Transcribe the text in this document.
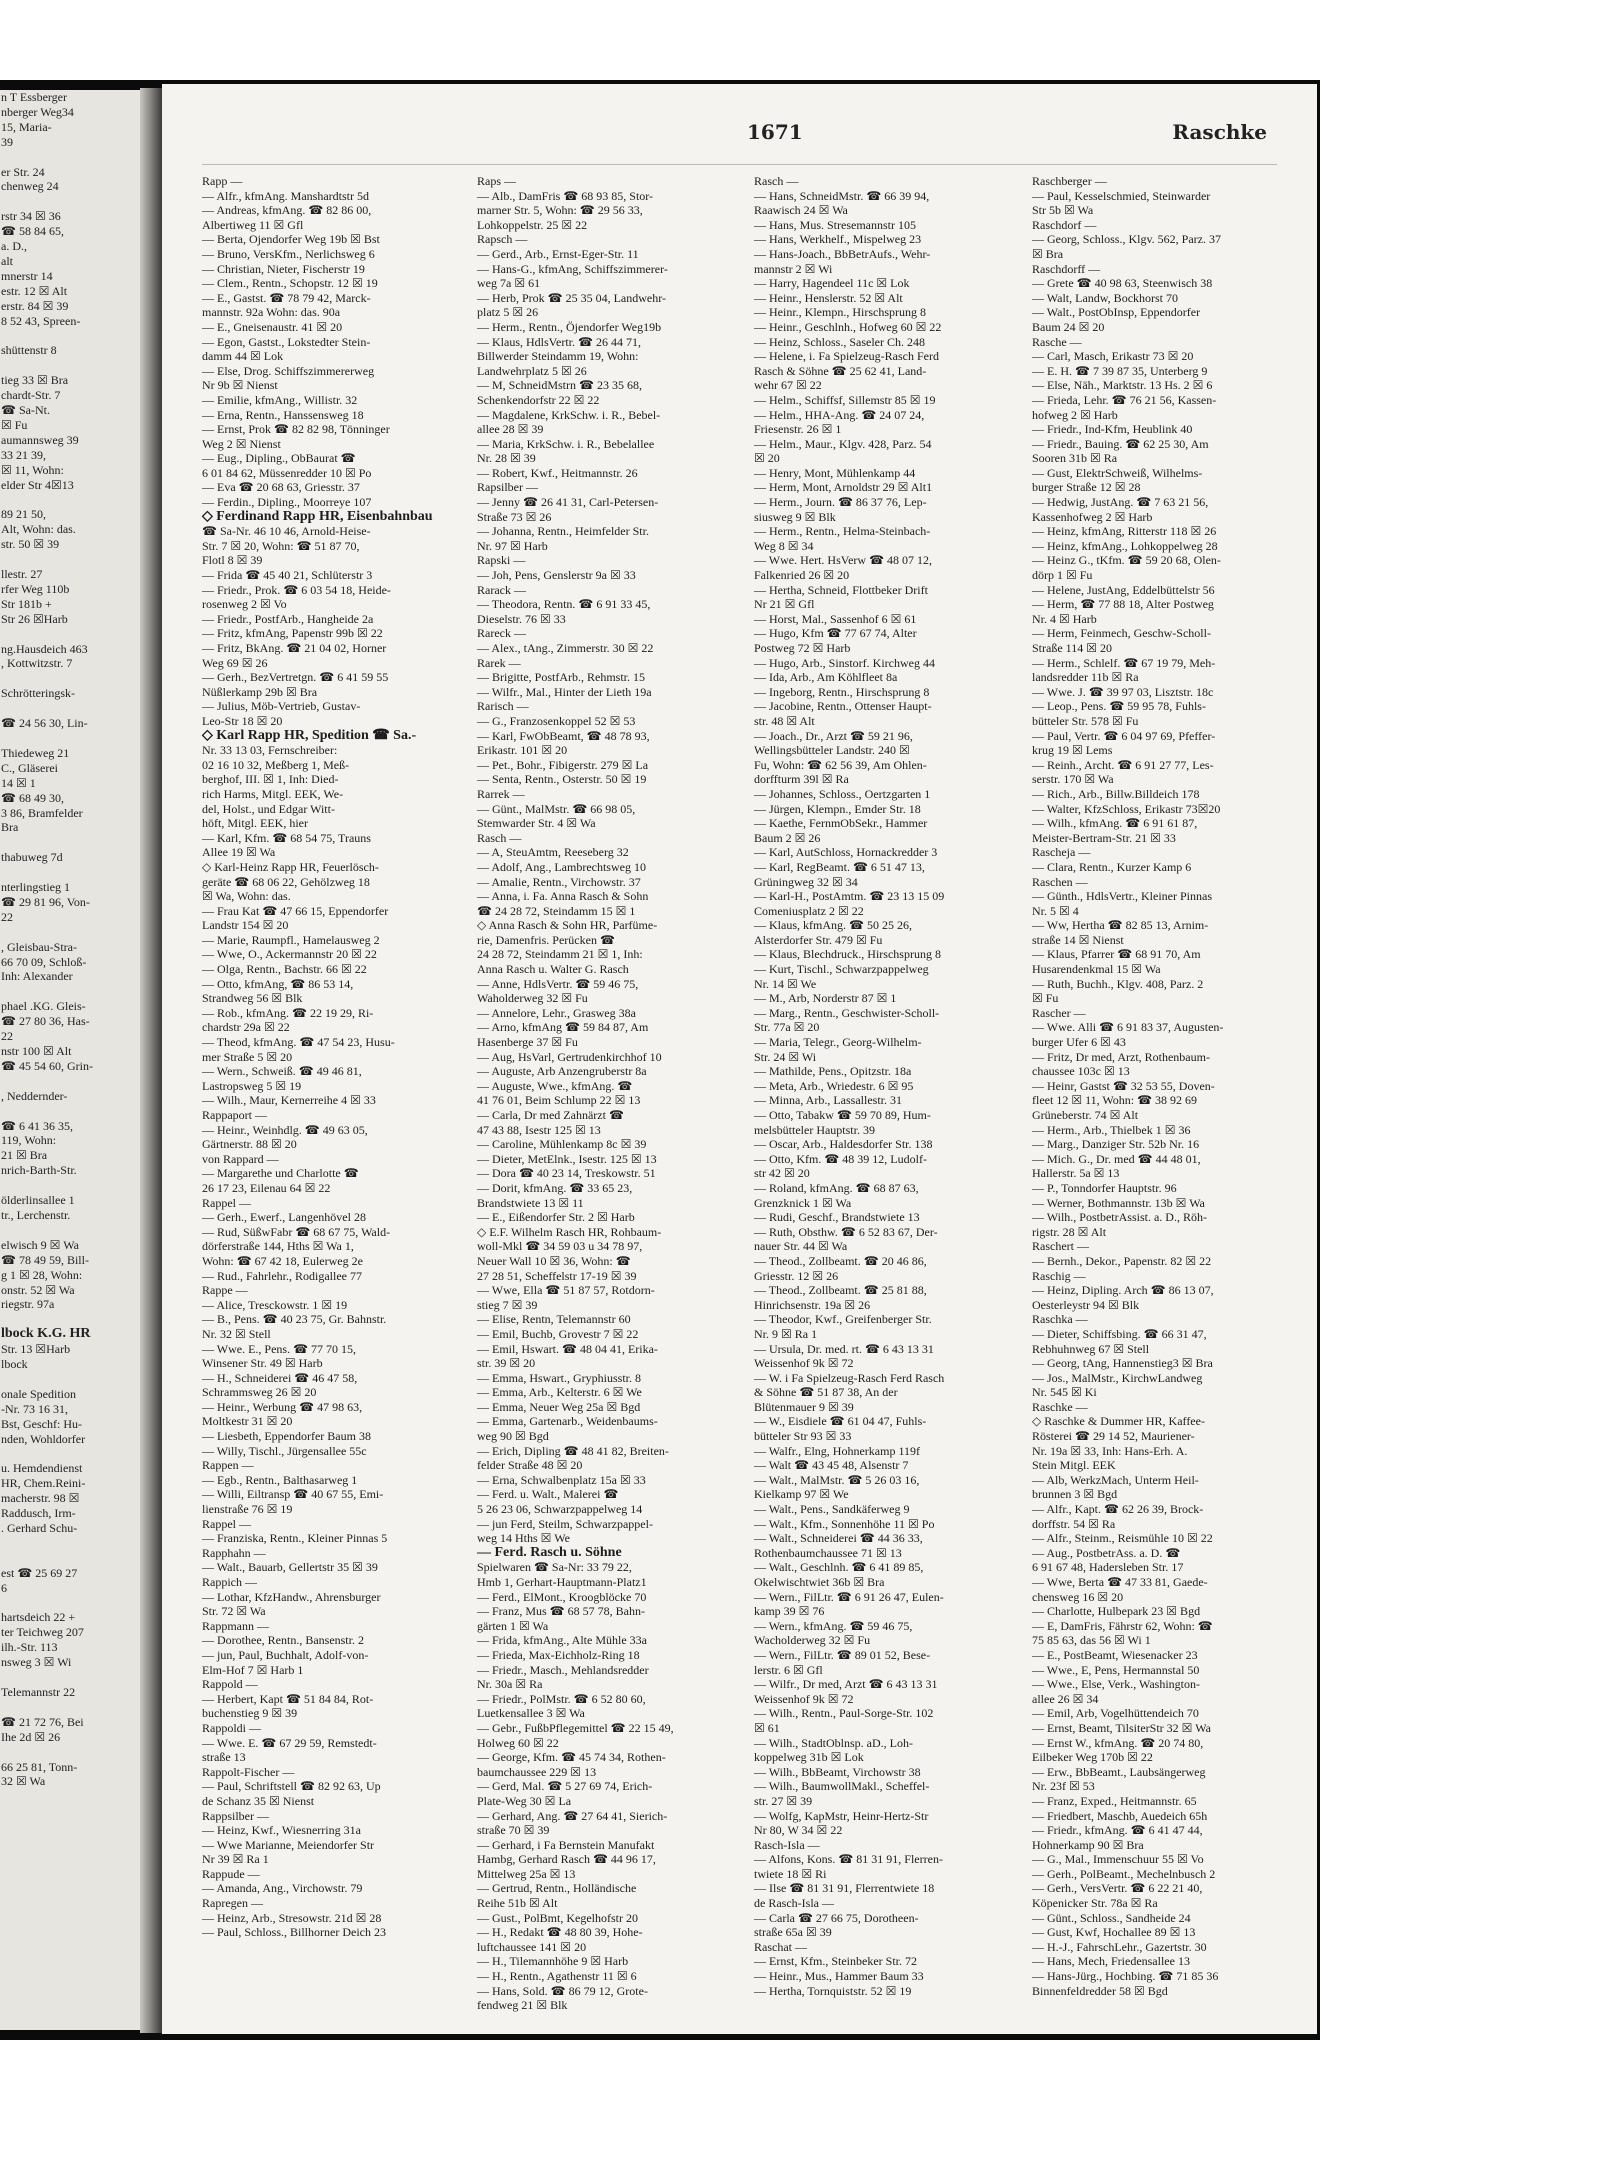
n T Essberger
nberger Weg34
15, Maria-
39

er Str. 24
chenweg 24

rstr 34 ☒ 36
☎ 58 84 65,
a. D.,
alt
mnerstr 14
estr. 12 ☒ Alt
erstr. 84 ☒ 39
8 52 43, Spreen-

shüttenstr 8

tieg 33 ☒ Bra
chardt-Str. 7
☎ Sa-Nt.
☒ Fu
aumannsweg 39
33 21 39,
☒ 11, Wohn:
elder Str 4☒13

89 21 50,
Alt, Wohn: das.
str. 50 ☒ 39

llestr. 27
rfer Weg 110b
Str 181b +
Str 26 ☒Harb

ng.Hausdeich 463
, Kottwitzstr. 7

Schrötteringsk-

☎ 24 56 30, Lin-

Thiedeweg 21
C., Gläserei
14 ☒ 1
☎ 68 49 30,
3 86, Bramfelder
Bra

thabuweg 7d

nterlingstieg 1
☎ 29 81 96, Von-
22

, Gleisbau-Stra-
66 70 09, Schloß-
Inh: Alexander

phael .KG. Gleis-
☎ 27 80 36, Has-
22
nstr 100 ☒ Alt
☎ 45 54 60, Grin-

, Neddernder-

☎ 6 41 36 35,
119, Wohn:
21 ☒ Bra
nrich-Barth-Str.

ölderlinsallee 1
tr., Lerchenstr.

elwisch 9 ☒ Wa
☎ 78 49 59, Bill-
g 1 ☒ 28, Wohn:
onstr. 52 ☒ Wa
riegstr. 97a

lbock K.G. HR
Str. 13 ☒Harb
lbock

onale Spedition
-Nr. 73 16 31,
Bst, Geschf: Hu-
nden, Wohldorfer

u. Hemdendienst
HR, Chem.Reini-
macherstr. 98 ☒
Raddusch, Irm-
. Gerhard Schu-

est ☎ 25 69 27
6

hartsdeich 22 +
ter Teichweg 207
ilh.-Str. 113
nsweg 3 ☒ Wi

Telemannstr 22

☎ 21 72 76, Bei
Ihe 2d ☒ 26

66 25 81, Tonn-
32 ☒ Wa
1671	Raschke
Rapp —
— Alfr., kfmAng. Manshardtstr 5d
— Andreas, kfmAng. ☎ 82 86 00,
Albertiweg 11 ☒ Gfl
— Berta, Ojendorfer Weg 19b ☒ Bst
— Bruno, VersKfm., Nerlichsweg 6
— Christian, Nieter, Fischerstr 19
— Clem., Rentn., Schopstr. 12 ☒ 19
— E., Gastst. ☎ 78 79 42, Marck-
mannstr. 92a Wohn: das. 90a
— E., Gneisenaustr. 41 ☒ 20
— Egon, Gastst., Lokstedter Stein-
damm 44 ☒ Lok
— Else, Drog. Schiffszimmererweg
Nr 9b ☒ Nienst
— Emilie, kfmAng., Willistr. 32
— Erna, Rentn., Hanssensweg 18
— Ernst, Prok ☎ 82 82 98, Tönninger
Weg 2 ☒ Nienst
— Eug., Dipling., ObBaurat ☎
6 01 84 62, Müssenredder 10 ☒ Po
— Eva ☎ 20 68 63, Griesstr. 37
— Ferdin., Dipling., Moorreye 107
◇ Ferdinand Rapp HR, Eisenbahnbau
☎ Sa-Nr. 46 10 46, Arnold-Heise-
Str. 7 ☒ 20, Wohn: ☎ 51 87 70,
Flotl 8 ☒ 39
— Frida ☎ 45 40 21, Schlüterstr 3
— Friedr., Prok. ☎ 6 03 54 18, Heide-
rosenweg 2 ☒ Vo
— Friedr., PostfArb., Hangheide 2a
— Fritz, kfmAng, Papenstr 99b ☒ 22
— Fritz, BkAng. ☎ 21 04 02, Horner
Weg 69 ☒ 26
— Gerh., BezVertretgn. ☎ 6 41 59 55
Nüßlerkamp 29b ☒ Bra
— Julius, Möb-Vertrieb, Gustav-
Leo-Str 18 ☒ 20
◇ Karl Rapp HR, Spedition ☎ Sa.-
Nr. 33 13 03, Fernschreiber:
02 16 10 32, Meßberg 1, Meß-
berghof, III. ☒ 1, Inh: Died-
rich Harms, Mitgl. EEK, We-
del, Holst., und Edgar Witt-
höft, Mitgl. EEK, hier
— Karl, Kfm. ☎ 68 54 75, Trauns
Allee 19 ☒ Wa
◇ Karl-Heinz Rapp HR, Feuerlösch-
geräte ☎ 68 06 22, Gehölzweg 18
☒ Wa, Wohn: das.
— Frau Kat ☎ 47 66 15, Eppendorfer
Landstr 154 ☒ 20
— Marie, Raumpfl., Hamelausweg 2
— Wwe, O., Ackermannstr 20 ☒ 22
— Olga, Rentn., Bachstr. 66 ☒ 22
— Otto, kfmAng, ☎ 86 53 14,
Strandweg 56 ☒ Blk
— Rob., kfmAng. ☎ 22 19 29, Ri-
chardstr 29a ☒ 22
— Theod, kfmAng. ☎ 47 54 23, Husu-
mer Straße 5 ☒ 20
— Wern., Schweiß. ☎ 49 46 81,
Lastropsweg 5 ☒ 19
— Wilh., Maur, Kernerreihe 4 ☒ 33
Rappaport —
— Heinr., Weinhdlg. ☎ 49 63 05,
Gärtnerstr. 88 ☒ 20
von Rappard —
— Margarethe und Charlotte ☎
26 17 23, Eilenau 64 ☒ 22
Rappel —
— Gerh., Ewerf., Langenhövel 28
— Rud, SüßwFabr ☎ 68 67 75, Wald-
dörferstraße 144, Hths ☒ Wa 1,
Wohn: ☎ 67 42 18, Eulerweg 2e
— Rud., Fahrlehr., Rodigallee 77
Rappe —
— Alice, Tresckowstr. 1 ☒ 19
— B., Pens. ☎ 40 23 75, Gr. Bahnstr.
Nr. 32 ☒ Stell
— Wwe. E., Pens. ☎ 77 70 15,
Winsener Str. 49 ☒ Harb
— H., Schneiderei ☎ 46 47 58,
Schrammsweg 26 ☒ 20
— Heinr., Werbung ☎ 47 98 63,
Moltkestr 31 ☒ 20
— Liesbeth, Eppendorfer Baum 38
— Willy, Tischl., Jürgensallee 55c
Rappen —
— Egb., Rentn., Balthasarweg 1
— Willi, Eiltransp ☎ 40 67 55, Emi-
lienstraße 76 ☒ 19
Rappel —
— Franziska, Rentn., Kleiner Pinnas 5
Rapphahn —
— Walt., Bauarb, Gellertstr 35 ☒ 39
Rappich —
— Lothar, KfzHandw., Ahrensburger
Str. 72 ☒ Wa
Rappmann —
— Dorothee, Rentn., Bansenstr. 2
— jun, Paul, Buchhalt, Adolf-von-
Elm-Hof 7 ☒ Harb 1
Rappold —
— Herbert, Kapt ☎ 51 84 84, Rot-
buchenstieg 9 ☒ 39
Rappoldi —
— Wwe. E. ☎ 67 29 59, Remstedt-
straße 13
Rappolt-Fischer —
— Paul, Schriftstell ☎ 82 92 63, Up
de Schanz 35 ☒ Nienst
Rappsilber —
— Heinz, Kwf., Wiesnerring 31a
— Wwe Marianne, Meiendorfer Str
Nr 39 ☒ Ra 1
Rappude —
— Amanda, Ang., Virchowstr. 79
Rapregen —
— Heinz, Arb., Stresowstr. 21d ☒ 28
— Paul, Schloss., Billhorner Deich 23
Raps —
— Alb., DamFris ☎ 68 93 85, Stor-
marner Str. 5, Wohn: ☎ 29 56 33,
Lohkoppelstr. 25 ☒ 22
Rapsch —
— Gerd., Arb., Ernst-Eger-Str. 11
— Hans-G., kfmAng, Schiffszimmerer-
weg 7a ☒ 61
— Herb, Prok ☎ 25 35 04, Landwehr-
platz 5 ☒ 26
— Herm., Rentn., Öjendorfer Weg19b
— Klaus, HdlsVertr. ☎ 26 44 71,
Billwerder Steindamm 19, Wohn:
Landwehrplatz 5 ☒ 26
— M, SchneidMstrn ☎ 23 35 68,
Schenkendorfstr 22 ☒ 22
— Magdalene, KrkSchw. i. R., Bebel-
allee 28 ☒ 39
— Maria, KrkSchw. i. R., Bebelallee
Nr. 28 ☒ 39
— Robert, Kwf., Heitmannstr. 26
Rapsilber —
— Jenny ☎ 26 41 31, Carl-Petersen-
Straße 73 ☒ 26
— Johanna, Rentn., Heimfelder Str.
Nr. 97 ☒ Harb
Rapski —
— Joh, Pens, Genslerstr 9a ☒ 33
Rarack —
— Theodora, Rentn. ☎ 6 91 33 45,
Dieselstr. 76 ☒ 33
Rareck —
— Alex., tAng., Zimmerstr. 30 ☒ 22
Rarek —
— Brigitte, PostfArb., Rehmstr. 15
— Wilfr., Mal., Hinter der Lieth 19a
Rarisch —
— G., Franzosenkoppel 52 ☒ 53
— Karl, FwObBeamt, ☎ 48 78 93,
Erikastr. 101 ☒ 20
— Pet., Bohr., Fibigerstr. 279 ☒ La
— Senta, Rentn., Osterstr. 50 ☒ 19
Rarrek —
— Günt., MalMstr. ☎ 66 98 05,
Stemwarder Str. 4 ☒ Wa
Rasch —
— A, SteuAmtm, Reeseberg 32
— Adolf, Ang., Lambrechtsweg 10
— Amalie, Rentn., Virchowstr. 37
— Anna, i. Fa. Anna Rasch & Sohn
☎ 24 28 72, Steindamm 15 ☒ 1
◇ Anna Rasch & Sohn HR, Parfüme-
rie, Damenfris. Perücken ☎
24 28 72, Steindamm 21 ☒ 1, Inh:
Anna Rasch u. Walter G. Rasch
— Anne, HdlsVertr. ☎ 59 46 75,
Waholderweg 32 ☒ Fu
— Annelore, Lehr., Grasweg 38a
— Arno, kfmAng ☎ 59 84 87, Am
Hasenberge 37 ☒ Fu
— Aug, HsVarl, Gertrudenkirchhof 10
— Auguste, Arb Anzengruberstr 8a
— Auguste, Wwe., kfmAng. ☎
41 76 01, Beim Schlump 22 ☒ 13
— Carla, Dr med Zahnärzt ☎
47 43 88, Isestr 125 ☒ 13
— Caroline, Mühlenkamp 8c ☒ 39
— Dieter, MetElnk., Isestr. 125 ☒ 13
— Dora ☎ 40 23 14, Treskowstr. 51
— Dorit, kfmAng. ☎ 33 65 23,
Brandstwiete 13 ☒ 11
— E., Eißendorfer Str. 2 ☒ Harb
◇ E.F. Wilhelm Rasch HR, Rohbaum-
woll-Mkl ☎ 34 59 03 u 34 78 97,
Neuer Wall 10 ☒ 36, Wohn: ☎
27 28 51, Scheffelstr 17-19 ☒ 39
— Wwe, Ella ☎ 51 87 57, Rotdorn-
stieg 7 ☒ 39
— Elise, Rentn, Telemannstr 60
— Emil, Buchb, Grovestr 7 ☒ 22
— Emil, Hswart. ☎ 48 04 41, Erika-
str. 39 ☒ 20
— Emma, Hswart., Gryphiusstr. 8
— Emma, Arb., Kelterstr. 6 ☒ We
— Emma, Neuer Weg 25a ☒ Bgd
— Emma, Gartenarb., Weidenbaums-
weg 90 ☒ Bgd
— Erich, Dipling ☎ 48 41 82, Breiten-
felder Straße 48 ☒ 20
— Erna, Schwalbenplatz 15a ☒ 33
— Ferd. u. Walt., Malerei ☎
5 26 23 06, Schwarzpappelweg 14
— jun Ferd, Steilm, Schwarzpappel-
weg 14 Hths ☒ We
— Ferd. Rasch u. Söhne
Spielwaren ☎ Sa-Nr: 33 79 22,
Hmb 1, Gerhart-Hauptmann-Platz1
— Ferd., ElMont., Kroogblöcke 70
— Franz, Mus ☎ 68 57 78, Bahn-
gärten 1 ☒ Wa
— Frida, kfmAng., Alte Mühle 33a
— Frieda, Max-Eichholz-Ring 18
— Friedr., Masch., Mehlandsredder
Nr. 30a ☒ Ra
— Friedr., PolMstr. ☎ 6 52 80 60,
Luetkensallee 3 ☒ Wa
— Gebr., FußbPflegemittel ☎ 22 15 49,
Holweg 60 ☒ 22
— George, Kfm. ☎ 45 74 34, Rothen-
baumchaussee 229 ☒ 13
— Gerd, Mal. ☎ 5 27 69 74, Erich-
Plate-Weg 30 ☒ La
— Gerhard, Ang. ☎ 27 64 41, Sierich-
straße 70 ☒ 39
— Gerhard, i Fa Bernstein Manufakt
Hambg, Gerhard Rasch ☎ 44 96 17,
Mittelweg 25a ☒ 13
— Gertrud, Rentn., Holländische
Reihe 51b ☒ Alt
— Gust., PolBmt, Kegelhofstr 20
— H., Redakt ☎ 48 80 39, Hohe-
luftchaussee 141 ☒ 20
— H., Tilemannhöhe 9 ☒ Harb
— H., Rentn., Agathenstr 11 ☒ 6
— Hans, Sold. ☎ 86 79 12, Grote-
fendweg 21 ☒ Blk
Rasch —
— Hans, SchneidMstr. ☎ 66 39 94,
Raawisch 24 ☒ Wa
— Hans, Mus. Stresemannstr 105
— Hans, Werkhelf., Mispelweg 23
— Hans-Joach., BbBetrAufs., Wehr-
mannstr 2 ☒ Wi
— Harry, Hagendeel 11c ☒ Lok
— Heinr., Henslerstr. 52 ☒ Alt
— Heinr., Klempn., Hirschsprung 8
— Heinr., Geschlnh., Hofweg 60 ☒ 22
— Heinz, Schloss., Saseler Ch. 248
— Helene, i. Fa Spielzeug-Rasch Ferd
Rasch & Söhne ☎ 25 62 41, Land-
wehr 67 ☒ 22
— Helm., Schiffsf, Sillemstr 85 ☒ 19
— Helm., HHA-Ang. ☎ 24 07 24,
Friesenstr. 26 ☒ 1
— Helm., Maur., Klgv. 428, Parz. 54
☒ 20
— Henry, Mont, Mühlenkamp 44
— Herm, Mont, Arnoldstr 29 ☒ Alt1
— Herm., Journ. ☎ 86 37 76, Lep-
siusweg 9 ☒ Blk
— Herm., Rentn., Helma-Steinbach-
Weg 8 ☒ 34
— Wwe. Hert. HsVerw ☎ 48 07 12,
Falkenried 26 ☒ 20
— Hertha, Schneid, Flottbeker Drift
Nr 21 ☒ Gfl
— Horst, Mal., Sassenhof 6 ☒ 61
— Hugo, Kfm ☎ 77 67 74, Alter
Postweg 72 ☒ Harb
— Hugo, Arb., Sinstorf. Kirchweg 44
— Ida, Arb., Am Köhlfleet 8a
— Ingeborg, Rentn., Hirschsprung 8
— Jacobine, Rentn., Ottenser Haupt-
str. 48 ☒ Alt
— Joach., Dr., Arzt ☎ 59 21 96,
Wellingsbütteler Landstr. 240 ☒
Fu, Wohn: ☎ 62 56 39, Am Ohlen-
dorffturm 39l ☒ Ra
— Johannes, Schloss., Oertzgarten 1
— Jürgen, Klempn., Emder Str. 18
— Kaethe, FernmObSekr., Hammer
Baum 2 ☒ 26
— Karl, AutSchloss, Hornackredder 3
— Karl, RegBeamt. ☎ 6 51 47 13,
Grüningweg 32 ☒ 34
— Karl-H., PostAmtm. ☎ 23 13 15 09
Comeniusplatz 2 ☒ 22
— Klaus, kfmAng. ☎ 50 25 26,
Alsterdorfer Str. 479 ☒ Fu
— Klaus, Blechdruck., Hirschsprung 8
— Kurt, Tischl., Schwarzpappelweg
Nr. 14 ☒ We
— M., Arb, Norderstr 87 ☒ 1
— Marg., Rentn., Geschwister-Scholl-
Str. 77a ☒ 20
— Maria, Telegr., Georg-Wilhelm-
Str. 24 ☒ Wi
— Mathilde, Pens., Opitzstr. 18a
— Meta, Arb., Wriedestr. 6 ☒ 95
— Minna, Arb., Lassallestr. 31
— Otto, Tabakw ☎ 59 70 89, Hum-
melsbütteler Hauptstr. 39
— Oscar, Arb., Haldesdorfer Str. 138
— Otto, Kfm. ☎ 48 39 12, Ludolf-
str 42 ☒ 20
— Roland, kfmAng. ☎ 68 87 63,
Grenzknick 1 ☒ Wa
— Rudi, Geschf., Brandstwiete 13
— Ruth, Obsthw. ☎ 6 52 83 67, Der-
nauer Str. 44 ☒ Wa
— Theod., Zollbeamt. ☎ 20 46 86,
Griesstr. 12 ☒ 26
— Theod., Zollbeamt. ☎ 25 81 88,
Hinrichsenstr. 19a ☒ 26
— Theodor, Kwf., Greifenberger Str.
Nr. 9 ☒ Ra 1
— Ursula, Dr. med. rt. ☎ 6 43 13 31
Weissenhof 9k ☒ 72
— W. i Fa Spielzeug-Rasch Ferd Rasch
& Söhne ☎ 51 87 38, An der
Blütenmauer 9 ☒ 39
— W., Eisdiele ☎ 61 04 47, Fuhls-
bütteler Str 93 ☒ 33
— Walfr., Elng, Hohnerkamp 119f
— Walt ☎ 43 45 48, Alsenstr 7
— Walt., MalMstr. ☎ 5 26 03 16,
Kielkamp 97 ☒ We
— Walt., Pens., Sandkäferweg 9
— Walt., Kfm., Sonnenhöhe 11 ☒ Po
— Walt., Schneiderei ☎ 44 36 33,
Rothenbaumchaussee 71 ☒ 13
— Walt., Geschlnh. ☎ 6 41 89 85,
Okelwischtwiet 36b ☒ Bra
— Wern., FilLtr. ☎ 6 91 26 47, Eulen-
kamp 39 ☒ 76
— Wern., kfmAng. ☎ 59 46 75,
Wacholderweg 32 ☒ Fu
— Wern., FilLtr. ☎ 89 01 52, Bese-
lerstr. 6 ☒ Gfl
— Wilfr., Dr med, Arzt ☎ 6 43 13 31
Weissenhof 9k ☒ 72
— Wilh., Rentn., Paul-Sorge-Str. 102
☒ 61
— Wilh., StadtOblnsp. aD., Loh-
koppelweg 31b ☒ Lok
— Wilh., BbBeamt, Virchowstr 38
— Wilh., BaumwollMakl., Scheffel-
str. 27 ☒ 39
— Wolfg, KapMstr, Heinr-Hertz-Str
Nr 80, W 34 ☒ 22
Rasch-Isla —
— Alfons, Kons. ☎ 81 31 91, Flerren-
twiete 18 ☒ Ri
— Ilse ☎ 81 31 91, Flerrentwiete 18
de Rasch-Isla —
— Carla ☎ 27 66 75, Dorotheen-
straße 65a ☒ 39
Raschat —
— Ernst, Kfm., Steinbeker Str. 72
— Heinr., Mus., Hammer Baum 33
— Hertha, Tornquiststr. 52 ☒ 19
Raschberger —
— Paul, Kesselschmied, Steinwarder
Str 5b ☒ Wa
Raschdorf —
— Georg, Schloss., Klgv. 562, Parz. 37
☒ Bra
Raschdorff —
— Grete ☎ 40 98 63, Steenwisch 38
— Walt, Landw, Bockhorst 70
— Walt., PostObInsp, Eppendorfer
Baum 24 ☒ 20
Rasche —
— Carl, Masch, Erikastr 73 ☒ 20
— E. H. ☎ 7 39 87 35, Unterberg 9
— Else, Näh., Marktstr. 13 Hs. 2 ☒ 6
— Frieda, Lehr. ☎ 76 21 56, Kassen-
hofweg 2 ☒ Harb
— Friedr., Ind-Kfm, Heublink 40
— Friedr., Bauing. ☎ 62 25 30, Am
Sooren 31b ☒ Ra
— Gust, ElektrSchweiß, Wilhelms-
burger Straße 12 ☒ 28
— Hedwig, JustAng. ☎ 7 63 21 56,
Kassenhofweg 2 ☒ Harb
— Heinz, kfmAng, Ritterstr 118 ☒ 26
— Heinz, kfmAng., Lohkoppelweg 28
— Heinz G., tKfm. ☎ 59 20 68, Olen-
dörp 1 ☒ Fu
— Helene, JustAng, Eddelbüttelstr 56
— Herm, ☎ 77 88 18, Alter Postweg
Nr. 4 ☒ Harb
— Herm, Feinmech, Geschw-Scholl-
Straße 114 ☒ 20
— Herm., Schlelf. ☎ 67 19 79, Meh-
landsredder 11b ☒ Ra
— Wwe. J. ☎ 39 97 03, Lisztstr. 18c
— Leop., Pens. ☎ 59 95 78, Fuhls-
bütteler Str. 578 ☒ Fu
— Paul, Vertr. ☎ 6 04 97 69, Pfeffer-
krug 19 ☒ Lems
— Reinh., Archt. ☎ 6 91 27 77, Les-
serstr. 170 ☒ Wa
— Rich., Arb., Billw.Billdeich 178
— Walter, KfzSchloss, Erikastr 73☒20
— Wilh., kfmAng. ☎ 6 91 61 87,
Meister-Bertram-Str. 21 ☒ 33
Rascheja —
— Clara, Rentn., Kurzer Kamp 6
Raschen —
— Günth., HdlsVertr., Kleiner Pinnas
Nr. 5 ☒ 4
— Ww, Hertha ☎ 82 85 13, Arnim-
straße 14 ☒ Nienst
— Klaus, Pfarrer ☎ 68 91 70, Am
Husarendenkmal 15 ☒ Wa
— Ruth, Buchh., Klgv. 408, Parz. 2
☒ Fu
Rascher —
— Wwe. Alli ☎ 6 91 83 37, Augusten-
burger Ufer 6 ☒ 43
— Fritz, Dr med, Arzt, Rothenbaum-
chaussee 103c ☒ 13
— Heinr, Gastst ☎ 32 53 55, Doven-
fleet 12 ☒ 11, Wohn: ☎ 38 92 69
Grüneberstr. 74 ☒ Alt
— Herm., Arb., Thielbek 1 ☒ 36
— Marg., Danziger Str. 52b Nr. 16
— Mich. G., Dr. med ☎ 44 48 01,
Hallerstr. 5a ☒ 13
— P., Tonndorfer Hauptstr. 96
— Werner, Bothmannstr. 13b ☒ Wa
— Wilh., PostbetrAssist. a. D., Röh-
rigstr. 28 ☒ Alt
Raschert —
— Bernh., Dekor., Papenstr. 82 ☒ 22
Raschig —
— Heinz, Dipling. Arch ☎ 86 13 07,
Oesterleystr 94 ☒ Blk
Raschka —
— Dieter, Schiffsbing. ☎ 66 31 47,
Rebhuhnweg 67 ☒ Stell
— Georg, tAng, Hannenstieg3 ☒ Bra
— Jos., MalMstr., KirchwLandweg
Nr. 545 ☒ Ki
Raschke —
◇ Raschke & Dummer HR, Kaffee-
Rösterei ☎ 29 14 52, Mauriener-
Nr. 19a ☒ 33, Inh: Hans-Erh. A.
Stein Mitgl. EEK
— Alb, WerkzMach, Unterm Heil-
brunnen 3 ☒ Bgd
— Alfr., Kapt. ☎ 62 26 39, Brock-
dorffstr. 54 ☒ Ra
— Alfr., Steinm., Reismühle 10 ☒ 22
— Aug., PostbetrAss. a. D. ☎
6 91 67 48, Hadersleben Str. 17
— Wwe, Berta ☎ 47 33 81, Gaede-
chensweg 16 ☒ 20
— Charlotte, Hulbepark 23 ☒ Bgd
— E, DamFris, Fährstr 62, Wohn: ☎
75 85 63, das 56 ☒ Wi 1
— E., PostBeamt, Wiesenacker 23
— Wwe., E, Pens, Hermannstal 50
— Wwe., Else, Verk., Washington-
allee 26 ☒ 34
— Emil, Arb, Vogelhüttendeich 70
— Ernst, Beamt, TilsiterStr 32 ☒ Wa
— Ernst W., kfmAng. ☎ 20 74 80,
Eilbeker Weg 170b ☒ 22
— Erw., BbBeamt., Laubsängerweg
Nr. 23f ☒ 53
— Franz, Exped., Heitmannstr. 65
— Friedbert, Maschb, Auedeich 65h
— Friedr., kfmAng. ☎ 6 41 47 44,
Hohnerkamp 90 ☒ Bra
— G., Mal., Immenschuur 55 ☒ Vo
— Gerh., PolBeamt., Mechelnbusch 2
— Gerh., VersVertr. ☎ 6 22 21 40,
Köpenicker Str. 78a ☒ Ra
— Günt., Schloss., Sandheide 24
— Gust, Kwf, Hochallee 89 ☒ 13
— H.-J., FahrschLehr., Gazertstr. 30
— Hans, Mech, Friedensallee 13
— Hans-Jürg., Hochbing. ☎ 71 85 36
Binnenfeldredder 58 ☒ Bgd
